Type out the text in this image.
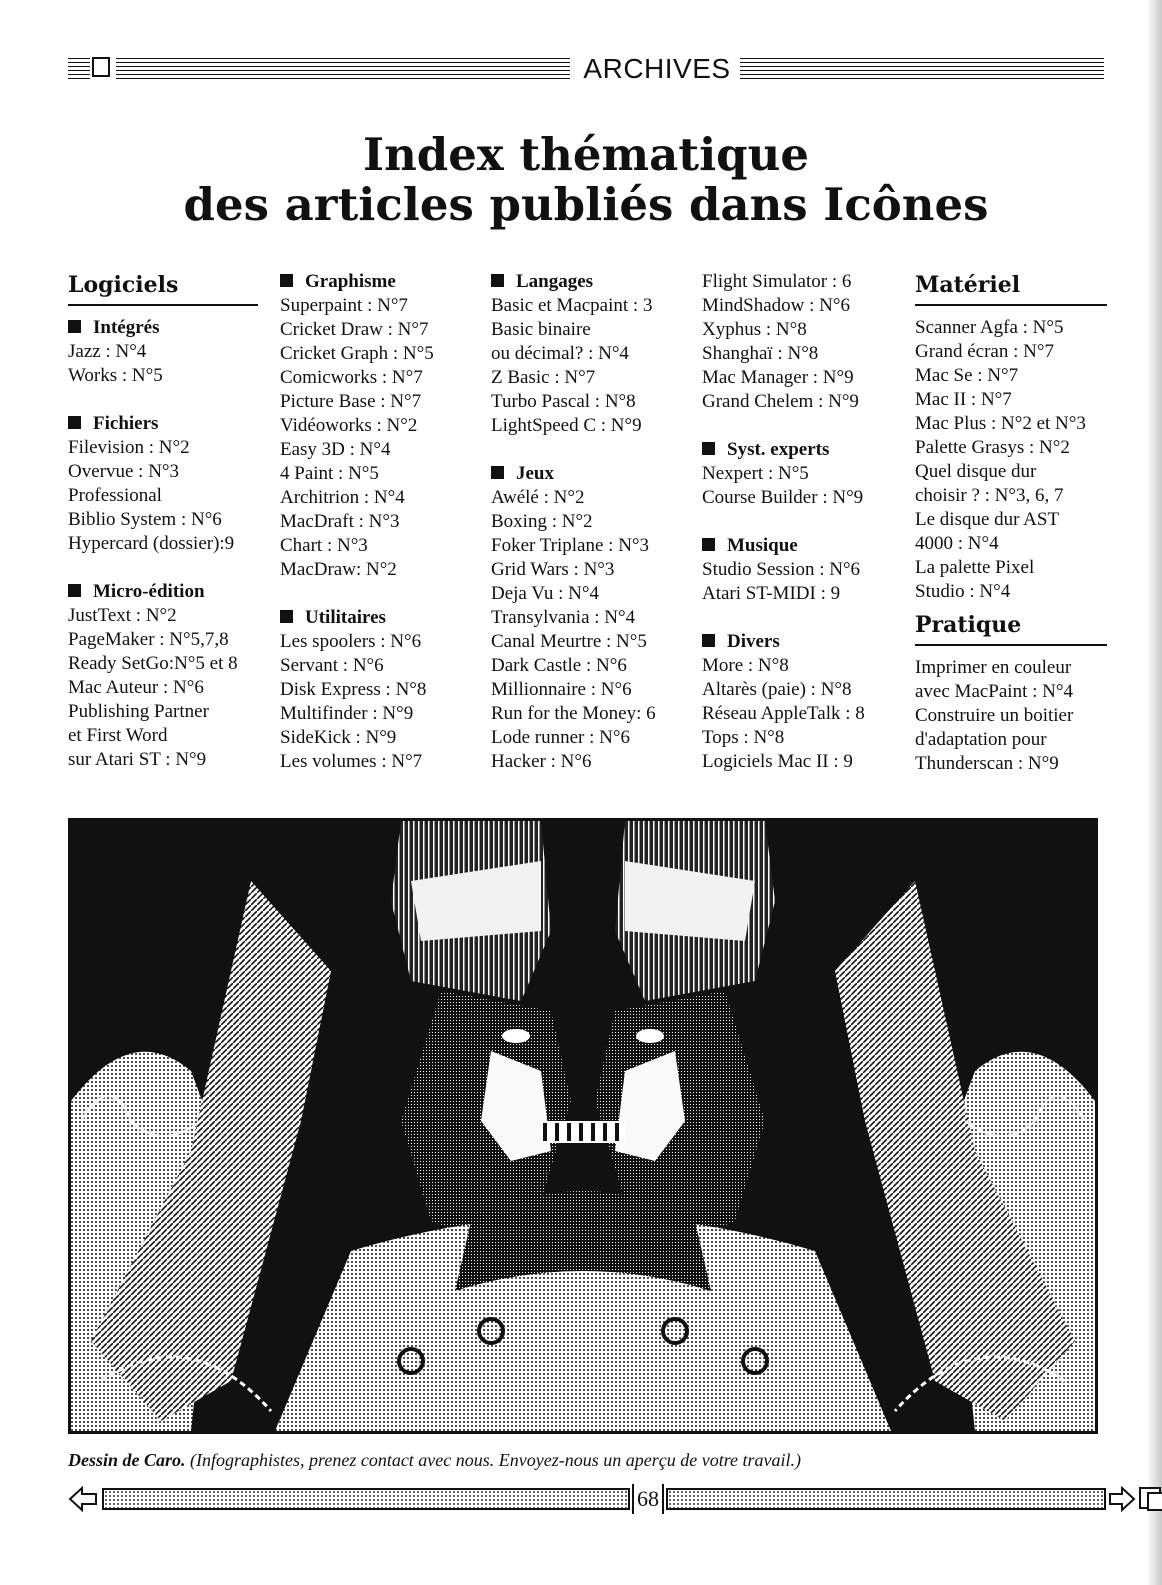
ARCHIVES
Index thématique
des articles publiés dans Icônes
Logiciels
Intégrés
Jazz : N°4
Works : N°5
Fichiers
Filevision : N°2
Overvue : N°3
Professional
Biblio System : N°6
Hypercard (dossier):9
Micro-édition
JustText : N°2
PageMaker : N°5,7,8
Ready SetGo:N°5 et 8
Mac Auteur : N°6
Publishing Partner
et First Word
sur Atari ST : N°9
Graphisme
Superpaint : N°7
Cricket Draw : N°7
Cricket Graph : N°5
Comicworks : N°7
Picture Base : N°7
Vidéoworks : N°2
Easy 3D : N°4
4 Paint : N°5
Architrion : N°4
MacDraft : N°3
Chart : N°3
MacDraw: N°2
Utilitaires
Les spoolers : N°6
Servant : N°6
Disk Express : N°8
Multifinder : N°9
SideKick : N°9
Les volumes : N°7
Langages
Basic et Macpaint : 3
Basic binaire
ou décimal? : N°4
Z Basic : N°7
Turbo Pascal : N°8
LightSpeed C : N°9
Jeux
Awélé : N°2
Boxing : N°2
Foker Triplane : N°3
Grid Wars : N°3
Deja Vu : N°4
Transylvania : N°4
Canal Meurtre : N°5
Dark Castle : N°6
Millionnaire : N°6
Run for the Money: 6
Lode runner : N°6
Hacker : N°6
Flight Simulator : 6
MindShadow : N°6
Xyphus : N°8
Shanghaï : N°8
Mac Manager : N°9
Grand Chelem : N°9
Syst. experts
Nexpert : N°5
Course Builder : N°9
Musique
Studio Session : N°6
Atari ST-MIDI : 9
Divers
More : N°8
Altarès (paie) : N°8
Réseau AppleTalk : 8
Tops : N°8
Logiciels Mac II : 9
Matériel
Scanner Agfa : N°5
Grand écran : N°7
Mac Se : N°7
Mac II : N°7
Mac Plus : N°2 et N°3
Palette Grasys : N°2
Quel disque dur
choisir ? : N°3, 6, 7
Le disque dur AST
4000 : N°4
La palette Pixel
Studio : N°4
Pratique
Imprimer en couleur
avec MacPaint : N°4
Construire un boitier
d'adaptation pour
Thunderscan : N°9
Dessin de Caro. (Infographistes, prenez contact avec nous. Envoyez-nous un aperçu de votre travail.)
68
